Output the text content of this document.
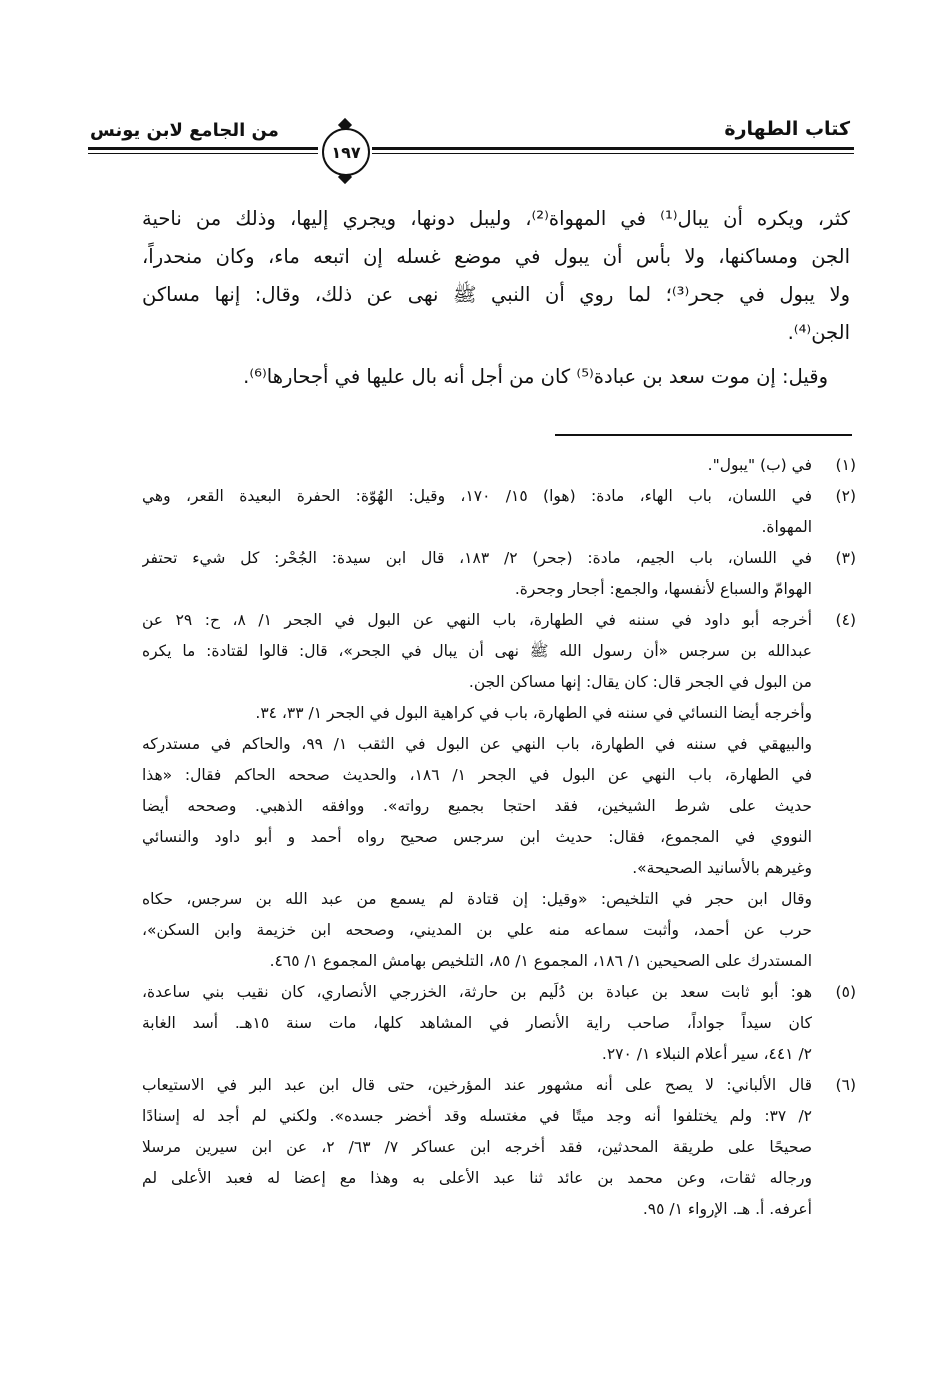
كتاب الطهارة
من الجامع لابن يونس
١٩٧
كثر، ويكره أن يبال⁽¹⁾ في المهواة⁽²⁾، وليبل دونها، ويجري إليها، وذلك من ناحية
الجن ومساكنها، ولا بأس أن يبول في موضع غسله إن اتبعه ماء، وكان منحدراً،
ولا يبول في جحر⁽³⁾؛ لما روي أن النبي ﷺ نهى عن ذلك، وقال: إنها مساكن
الجن⁽⁴⁾.
وقيل: إن موت سعد بن عبادة⁽⁵⁾ كان من أجل أنه بال عليها في أجحارها⁽⁶⁾.
(١)
في (ب) "يبول".
(٢)
في اللسان، باب الهاء، مادة: (هوا) ١٥/ ١٧٠، وقيل: الهُوّة: الحفرة البعيدة القعر، وهي
المهواة.
(٣)
في اللسان، باب الجيم، مادة: (جحر) ٢/ ١٨٣، قال ابن سيدة: الجُحْر: كل شيء تحتفر
الهوامّ والسباع لأنفسها، والجمع: أجحار وجحرة.
(٤)
أخرجه أبو داود في سننه في الطهارة، باب النهي عن البول في الجحر ١/ ٨، ح: ٢٩ عن
عبدالله بن سرجس «أن رسول الله ﷺ نهى أن يبال في الجحر»، قال: قالوا لقتادة: ما يكره
من البول في الجحر قال: كان يقال: إنها مساكن الجن.
وأخرجه أيضا النسائي في سننه في الطهارة، باب في كراهية البول في الجحر ١/ ٣٣، ٣٤.
والبيهقي في سننه في الطهارة، باب النهي عن البول في الثقب ١/ ٩٩، والحاكم في مستدركه
في الطهارة، باب النهي عن البول في الجحر ١/ ١٨٦، والحديث صححه الحاكم فقال: «هذا
حديث على شرط الشيخين، فقد احتجا بجميع رواته». ووافقه الذهبي. وصححه أيضا
النووي في المجموع، فقال: حديث ابن سرجس صحيح رواه أحمد و أبو داود والنسائي
وغيرهم بالأسانيد الصحيحة».
وقال ابن حجر في التلخيص: «وقيل: إن قتادة لم يسمع من عبد الله بن سرجس، حكاه
حرب عن أحمد، وأثبت سماعه منه علي بن المديني، وصححه ابن خزيمة وابن السكن»،
المستدرك على الصحيحين ١/ ١٨٦، المجموع ١/ ٨٥، التلخيص بهامش المجموع ١/ ٤٦٥.
(٥)
هو: أبو ثابت سعد بن عبادة بن دُلَيم بن حارثة، الخزرجي الأنصاري، كان نقيب بني ساعدة،
كان سيداً جواداً، صاحب راية الأنصار في المشاهد كلها، مات سنة ١٥هـ. أسد الغابة
٢/ ٤٤١، سير أعلام النبلاء ١/ ٢٧٠.
(٦)
قال الألباني: لا يصح على أنه مشهور عند المؤرخين، حتى قال ابن عبد البر في الاستيعاب
٢/ ٣٧: ولم يختلفوا أنه وجد ميتًا في مغتسله وقد أخضر جسده». ولكني لم أجد له إسنادًا
صحيحًا على طريقة المحدثين، فقد أخرجه ابن عساكر ٧/ ٦٣/ ٢، عن ابن سيرين مرسلا
ورجاله ثقات، وعن محمد بن عائد ثنا عبد الأعلى به وهذا مع إعضا له فعبد الأعلى لم
أعرفه. أ. هـ. الإرواء ١/ ٩٥.
